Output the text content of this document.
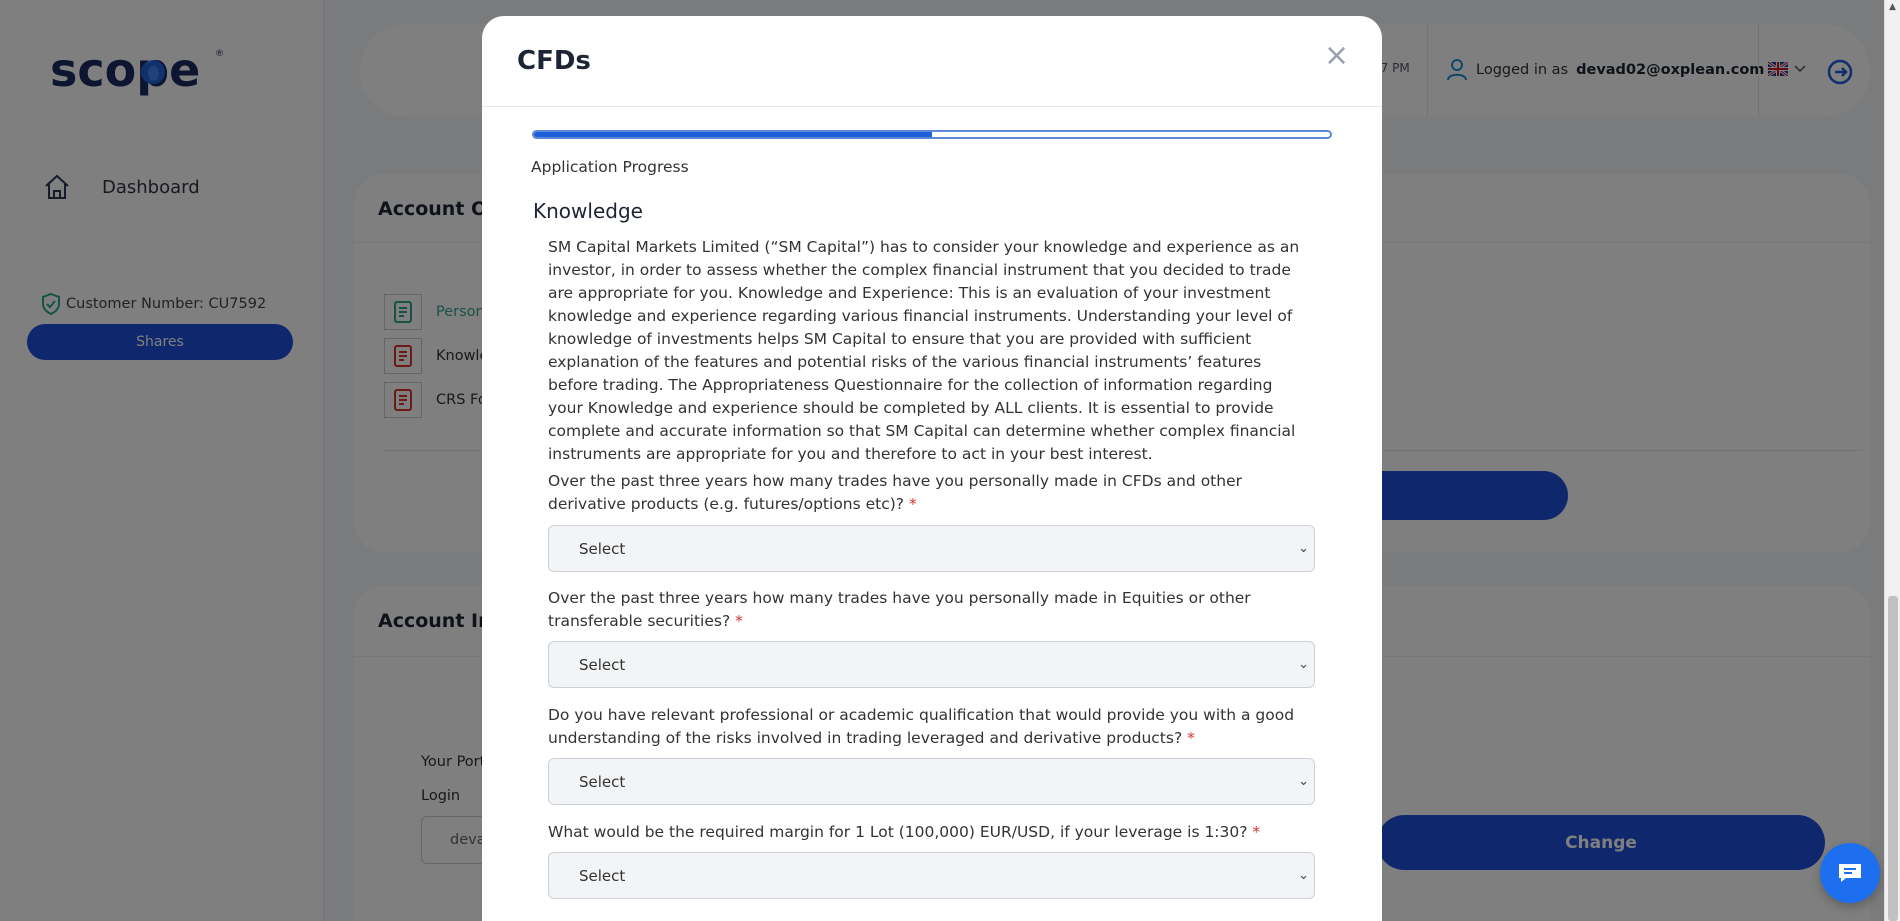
CFDs	×
Application Progress
Knowledge
SM Capital Markets Limited (“SM Capital”) has to consider your knowledge and experience as an investor, in order to assess whether the complex financial instrument that you decided to trade are appropriate for you. Knowledge and Experience: This is an evaluation of your investment knowledge and experience regarding various financial instruments. Understanding your level of knowledge of investments helps SM Capital to ensure that you are provided with sufficient explanation of the features and potential risks of the various financial instruments’ features before trading. The Appropriateness Questionnaire for the collection of information regarding your Knowledge and experience should be completed by ALL clients. It is essential to provide complete and accurate information so that SM Capital can determine whether complex financial instruments are appropriate for you and therefore to act in your best interest.
Over the past three years how many trades have you personally made in CFDs and other derivative products (e.g. futures/options etc)? *
Select	⌄
Over the past three years how many trades have you personally made in Equities or other transferable securities? *
Select	⌄
Do you have relevant professional or academic qualification that would provide you with a good understanding of the risks involved in trading leveraged and derivative products? *
Select	⌄
What would be the required margin for 1 Lot (100,000) EUR/USD, if your leverage is 1:30? *
Select	⌄
▲
